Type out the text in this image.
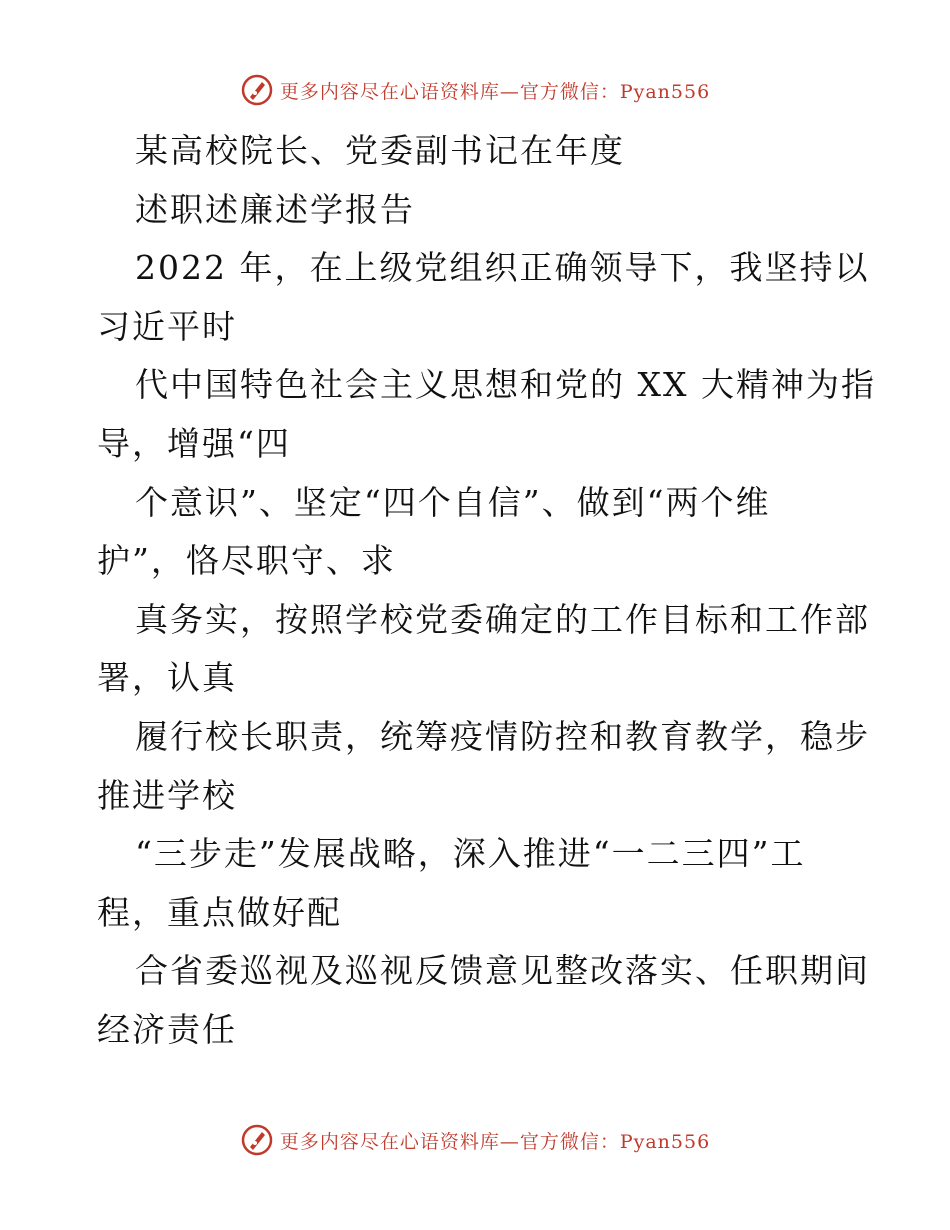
更多内容尽在心语资料库—官方微信：Pyan556
某高校院长、党委副书记在年度
述职述廉述学报告
2022 年，在上级党组织正确领导下，我坚持以
习近平时
代中国特色社会主义思想和党的 XX 大精神为指
导，增强“四
个意识”、坚定“四个自信”、做到“两个维
护”，恪尽职守、求
真务实，按照学校党委确定的工作目标和工作部
署，认真
履行校长职责，统筹疫情防控和教育教学，稳步
推进学校
“三步走”发展战略，深入推进“一二三四”工
程，重点做好配
合省委巡视及巡视反馈意见整改落实、任职期间
经济责任
更多内容尽在心语资料库—官方微信：Pyan556
